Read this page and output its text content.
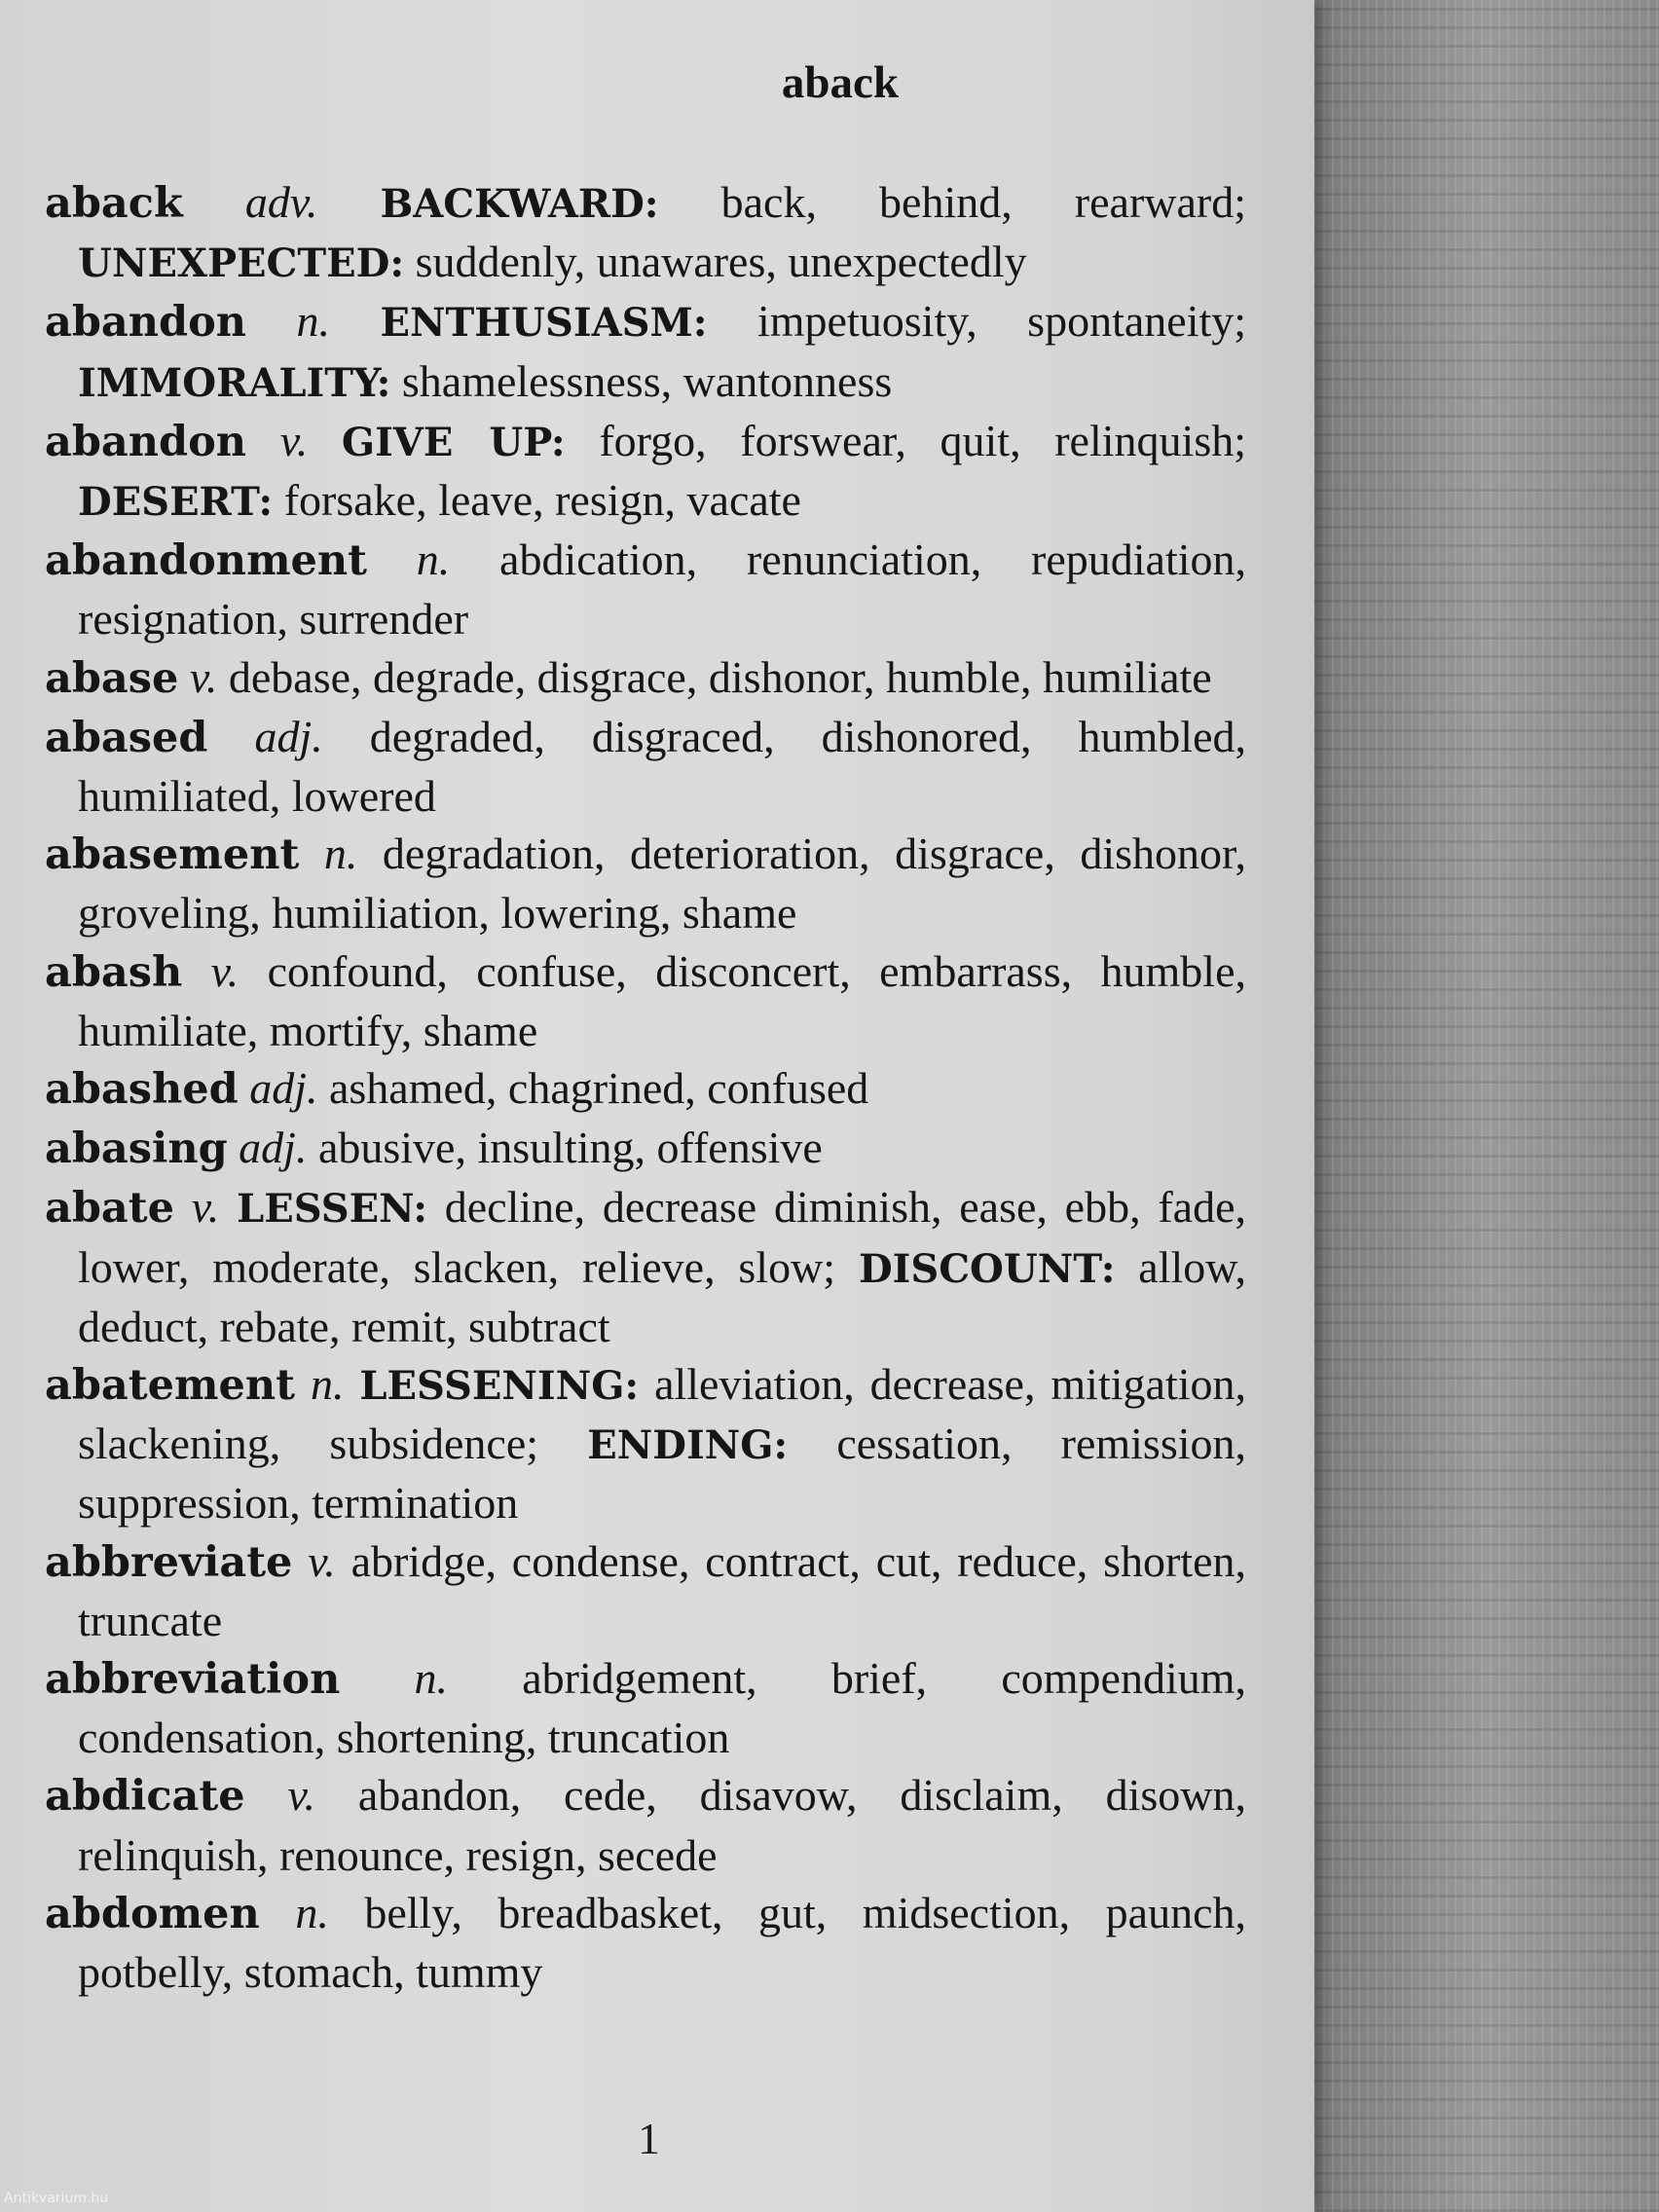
aback
aback adv. BACKWARD: back, behind, rearward; UNEXPECTED: suddenly, unawares, unexpectedly
abandon n. ENTHUSIASM: impetuosity, spontaneity; IMMORALITY: shamelessness, wantonness
abandon v. GIVE UP: forgo, forswear, quit, relinquish; DESERT: forsake, leave, resign, vacate
abandonment n. abdication, renunciation, repudiation, resignation, surrender
abase v. debase, degrade, disgrace, dishonor, humble, humiliate
abased adj. degraded, disgraced, dishonored, humbled, humiliated, lowered
abasement n. degradation, deterioration, disgrace, dishonor, groveling, humiliation, lowering, shame
abash v. confound, confuse, disconcert, embarrass, humble, humiliate, mortify, shame
abashed adj. ashamed, chagrined, confused
abasing adj. abusive, insulting, offensive
abate v. LESSEN: decline, decrease diminish, ease, ebb, fade, lower, moderate, slacken, relieve, slow; DISCOUNT: allow, deduct, rebate, remit, subtract
abatement n. LESSENING: alleviation, decrease, mitigation, slackening, subsidence; ENDING: cessation, remission, suppression, termination
abbreviate v. abridge, condense, contract, cut, reduce, shorten, truncate
abbreviation n. abridgement, brief, compendium, condensation, shortening, truncation
abdicate v. abandon, cede, disavow, disclaim, disown, relinquish, renounce, resign, secede
abdomen n. belly, breadbasket, gut, midsection, paunch, potbelly, stomach, tummy
1
Antikvarium.hu
